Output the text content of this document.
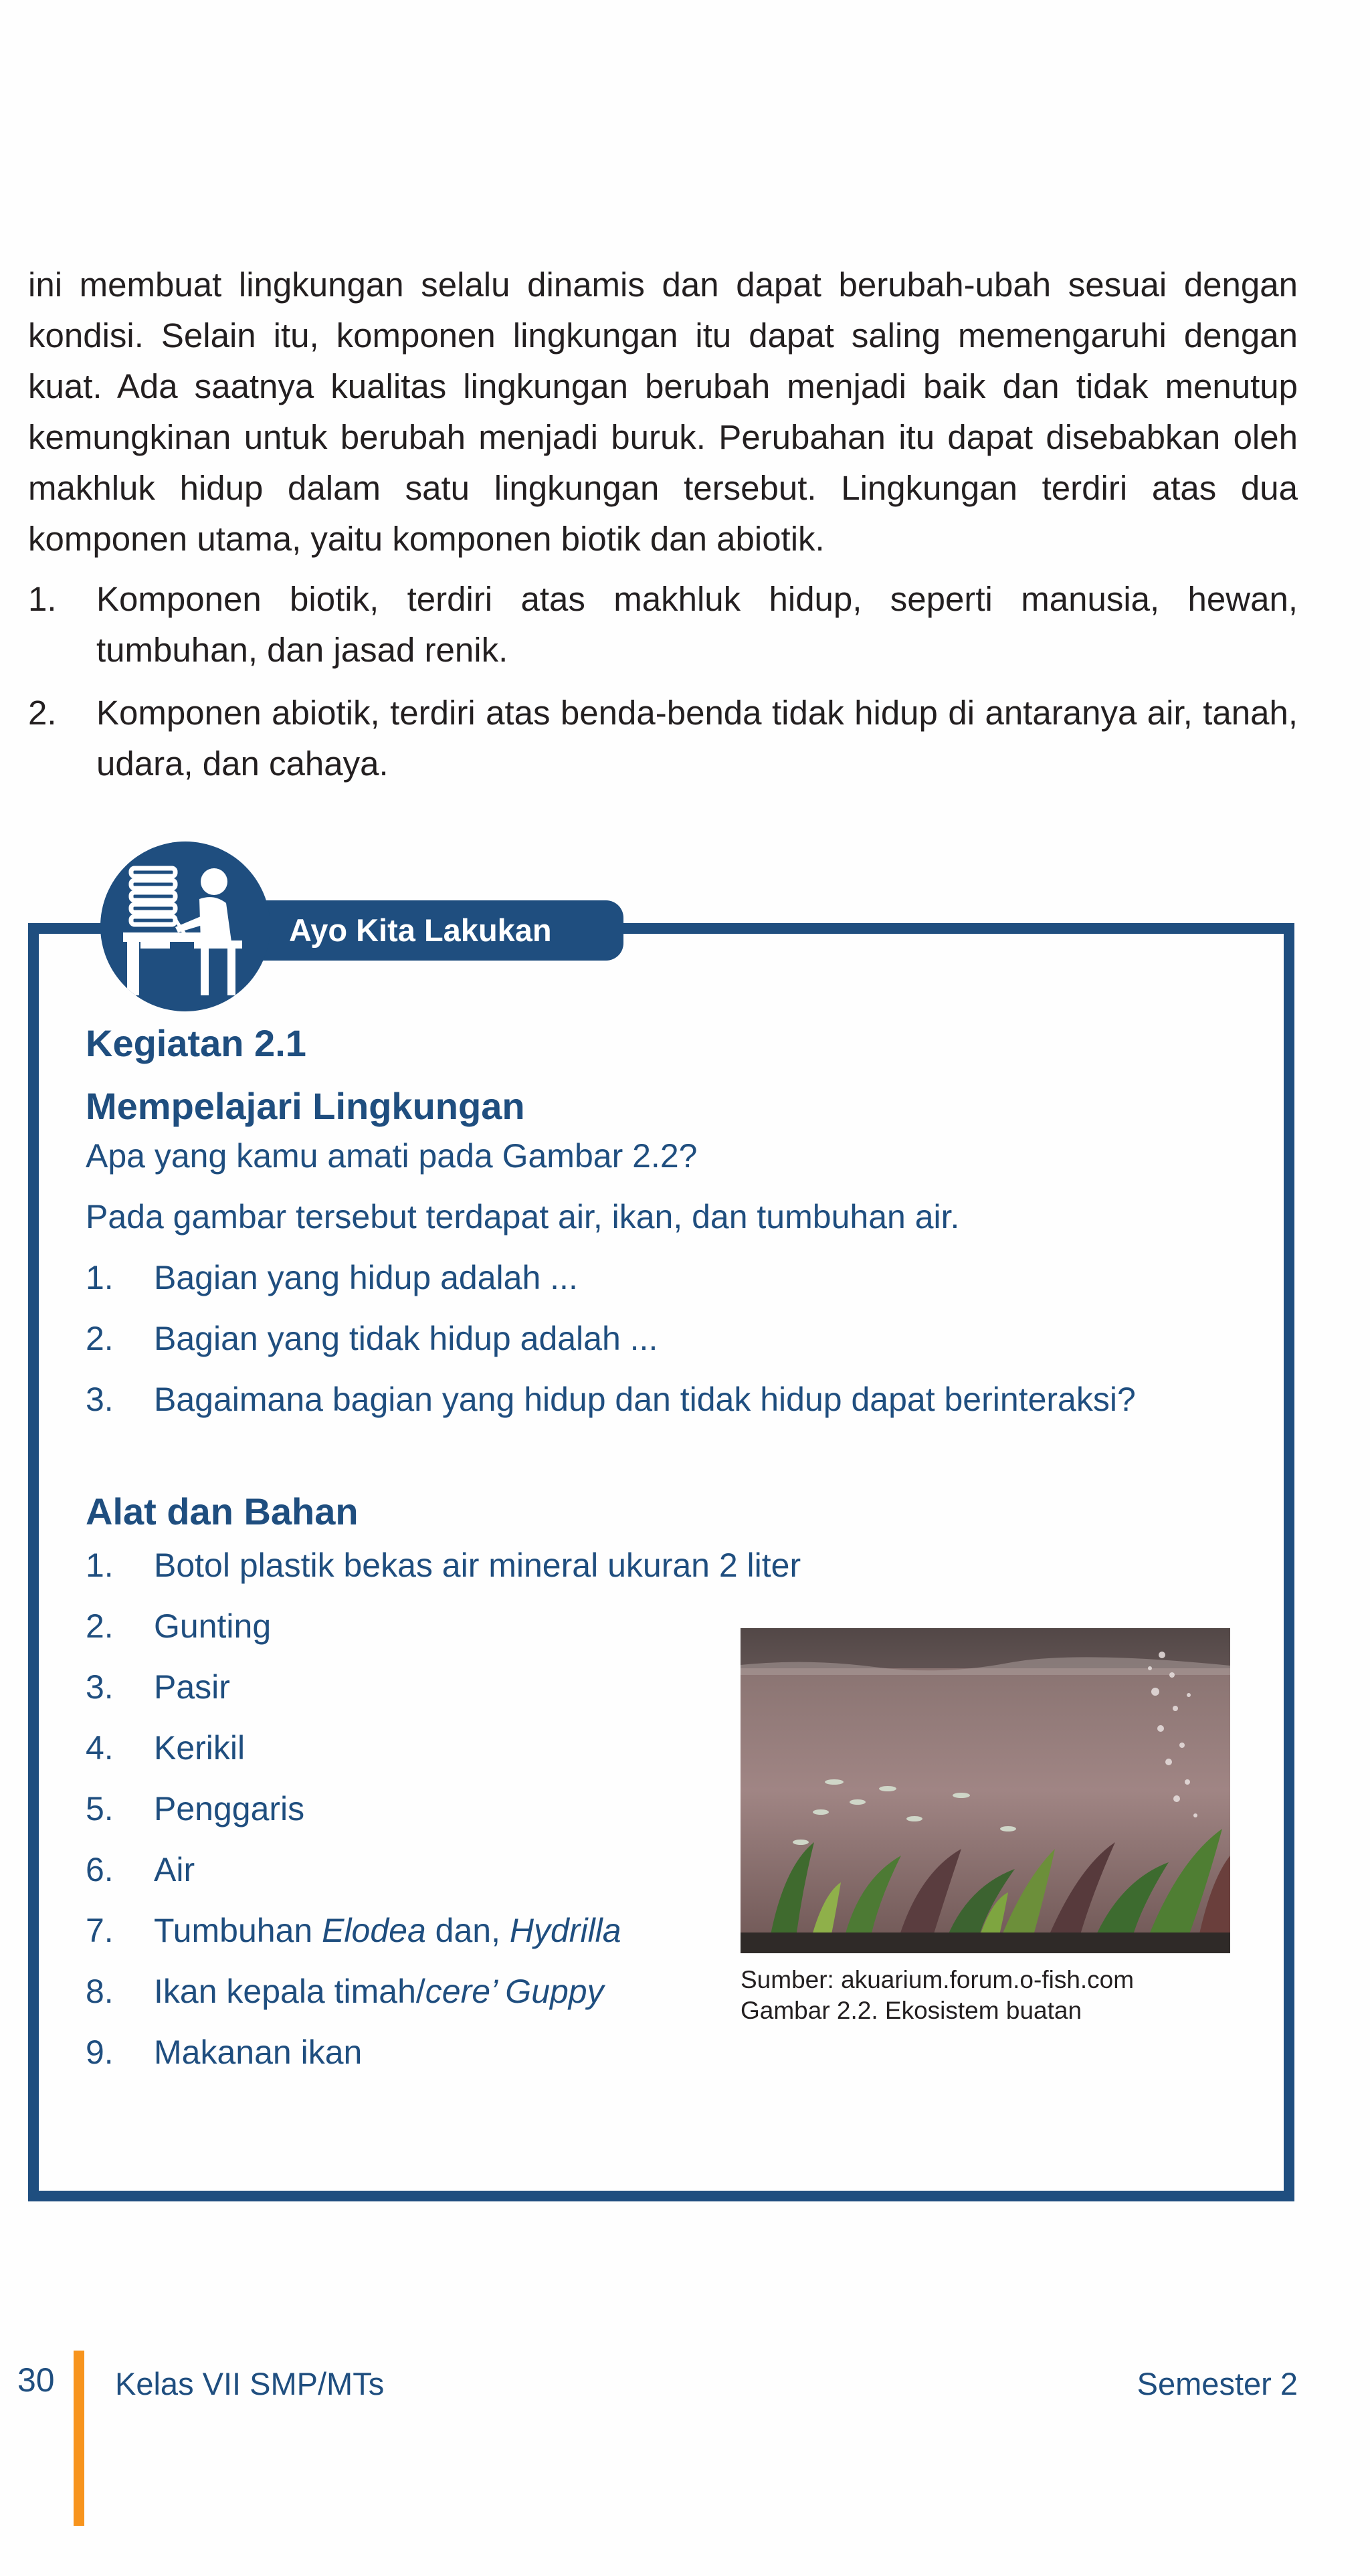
ini membuat lingkungan selalu dinamis dan dapat berubah-ubah sesuai dengan kondisi. Selain itu, komponen lingkungan itu dapat saling memengaruhi dengan kuat. Ada saatnya kualitas lingkungan berubah menjadi baik dan tidak menutup kemungkinan untuk berubah menjadi buruk. Perubahan itu dapat disebabkan oleh makhluk hidup dalam satu lingkungan tersebut. Lingkungan terdiri atas dua komponen utama, yaitu komponen biotik dan abiotik.

1. Komponen biotik, terdiri atas makhluk hidup, seperti manusia, hewan, tumbuhan, dan jasad renik.
2. Komponen abiotik, terdiri atas benda-benda tidak hidup di antaranya air, tanah, udara, dan cahaya.
Ayo Kita Lakukan
Kegiatan 2.1
Mempelajari Lingkungan
Apa yang kamu amati pada Gambar 2.2?
Pada gambar tersebut terdapat air, ikan, dan tumbuhan air.
1. Bagian yang hidup adalah ...
2. Bagian yang tidak hidup adalah ...
3. Bagaimana bagian yang hidup dan tidak hidup dapat berinteraksi?
Alat dan Bahan
1. Botol plastik bekas air mineral ukuran 2 liter
2. Gunting
3. Pasir
4. Kerikil
5. Penggaris
6. Air
7. Tumbuhan Elodea dan, Hydrilla
8. Ikan kepala timah/cere’ Guppy
9. Makanan ikan
Sumber: akuarium.forum.o-fish.com
Gambar 2.2. Ekosistem buatan
30 Kelas VII SMP/MTs	Semester 2
